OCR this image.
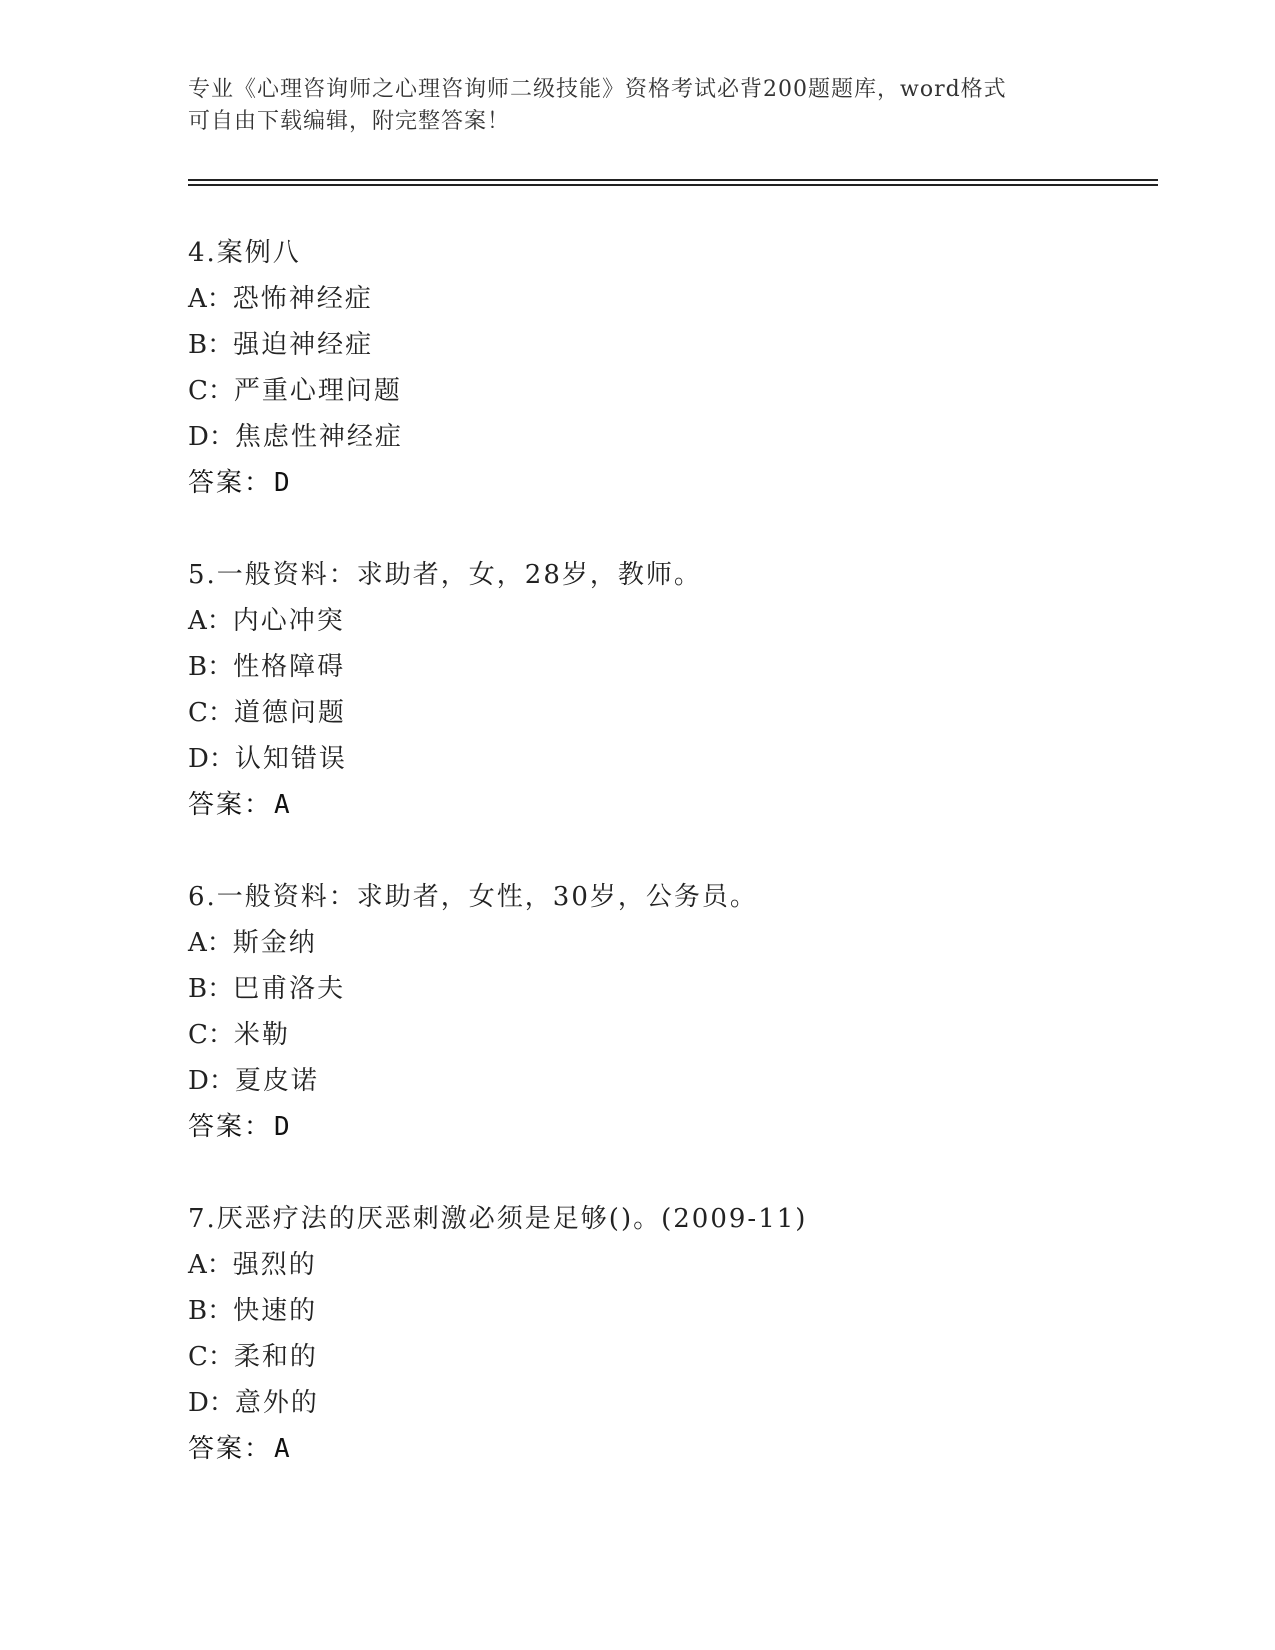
专业《心理咨询师之心理咨询师二级技能》资格考试必背200题题库，word格式
可自由下载编辑，附完整答案！
4.案例八
A：恐怖神经症
B：强迫神经症
C：严重心理问题
D：焦虑性神经症
答案：D
5.一般资料：求助者，女，28岁，教师。
A：内心冲突
B：性格障碍
C：道德问题
D：认知错误
答案：A
6.一般资料：求助者，女性，30岁，公务员。
A：斯金纳
B：巴甫洛夫
C：米勒
D：夏皮诺
答案：D
7.厌恶疗法的厌恶刺激必须是足够()。(2009-11)
A：强烈的
B：快速的
C：柔和的
D：意外的
答案：A
